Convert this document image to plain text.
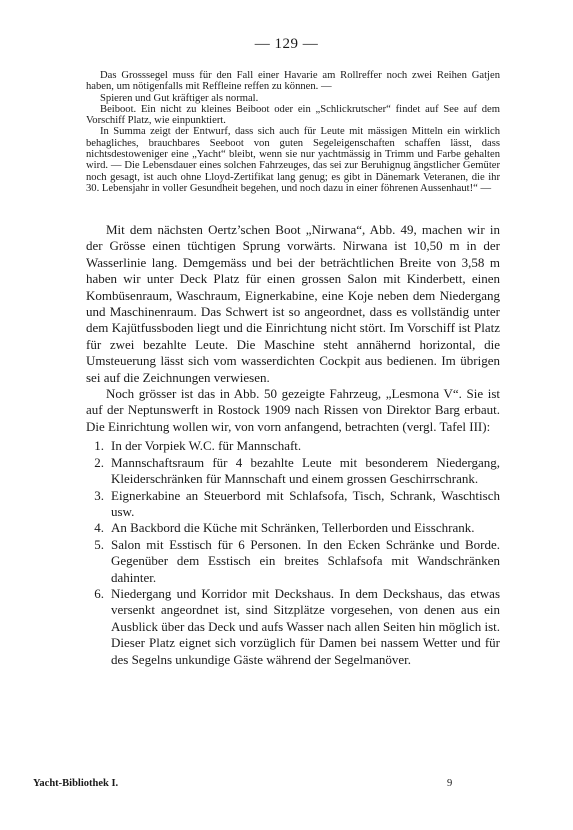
— 129 —

Das Grosssegel muss für den Fall einer Havarie am Rollreffer noch zwei Reihen Gatjen haben, um nötigenfalls mit Reffleine reffen zu können. —

Spieren und Gut kräftiger als normal.

Beiboot. Ein nicht zu kleines Beiboot oder ein „Schlickrutscher“ findet auf See auf dem Vorschiff Platz, wie einpunktiert.

In Summa zeigt der Entwurf, dass sich auch für Leute mit mässigen Mitteln ein wirklich behagliches, brauchbares Seeboot von guten Segeleigenschaften schaffen lässt, dass nichtsdestoweniger eine „Yacht“ bleibt, wenn sie nur yachtmässig in Trimm und Farbe gehalten wird. — Die Lebensdauer eines solchen Fahrzeuges, das sei zur Beruhignug ängstlicher Gemüter noch gesagt, ist auch ohne Lloyd-Zertifikat lang genug; es gibt in Dänemark Veteranen, die ihr 30. Lebensjahr in voller Gesundheit begehen, und noch dazu in einer föhrenen Aussenhaut!“ —

Mit dem nächsten Oertz’schen Boot „Nirwana“, Abb. 49, machen wir in der Grösse einen tüchtigen Sprung vorwärts. Nirwana ist 10,50 m in der Wasserlinie lang. Demgemäss und bei der beträchtlichen Breite von 3,58 m haben wir unter Deck Platz für einen grossen Salon mit Kinderbett, einen Kombüsenraum, Waschraum, Eignerkabine, eine Koje neben dem Niedergang und Maschinenraum. Das Schwert ist so angeordnet, dass es vollständig unter dem Kajütfussboden liegt und die Einrichtung nicht stört. Im Vorschiff ist Platz für zwei bezahlte Leute. Die Maschine steht annähernd horizontal, die Umsteuerung lässt sich vom wasserdichten Cockpit aus bedienen. Im übrigen sei auf die Zeichnungen verwiesen.

Noch grösser ist das in Abb. 50 gezeigte Fahrzeug, „Lesmona V“. Sie ist auf der Neptunswerft in Rostock 1909 nach Rissen von Direktor Barg erbaut. Die Einrichtung wollen wir, von vorn anfangend, betrachten (vergl. Tafel III):

1. In der Vorpiek W.C. für Mannschaft.
2. Mannschaftsraum für 4 bezahlte Leute mit besonderem Niedergang, Kleiderschränken für Mannschaft und einem grossen Geschirrschrank.
3. Eignerkabine an Steuerbord mit Schlafsofa, Tisch, Schrank, Waschtisch usw.
4. An Backbord die Küche mit Schränken, Tellerborden und Eisschrank.
5. Salon mit Esstisch für 6 Personen. In den Ecken Schränke und Borde. Gegenüber dem Esstisch ein breites Schlafsofa mit Wandschränken dahinter.
6. Niedergang und Korridor mit Deckshaus. In dem Deckshaus, das etwas versenkt angeordnet ist, sind Sitzplätze vorgesehen, von denen aus ein Ausblick über das Deck und aufs Wasser nach allen Seiten hin möglich ist. Dieser Platz eignet sich vorzüglich für Damen bei nassem Wetter und für des Segelns unkundige Gäste während der Segelmanöver.
Yacht-Bibliothek I.	9
